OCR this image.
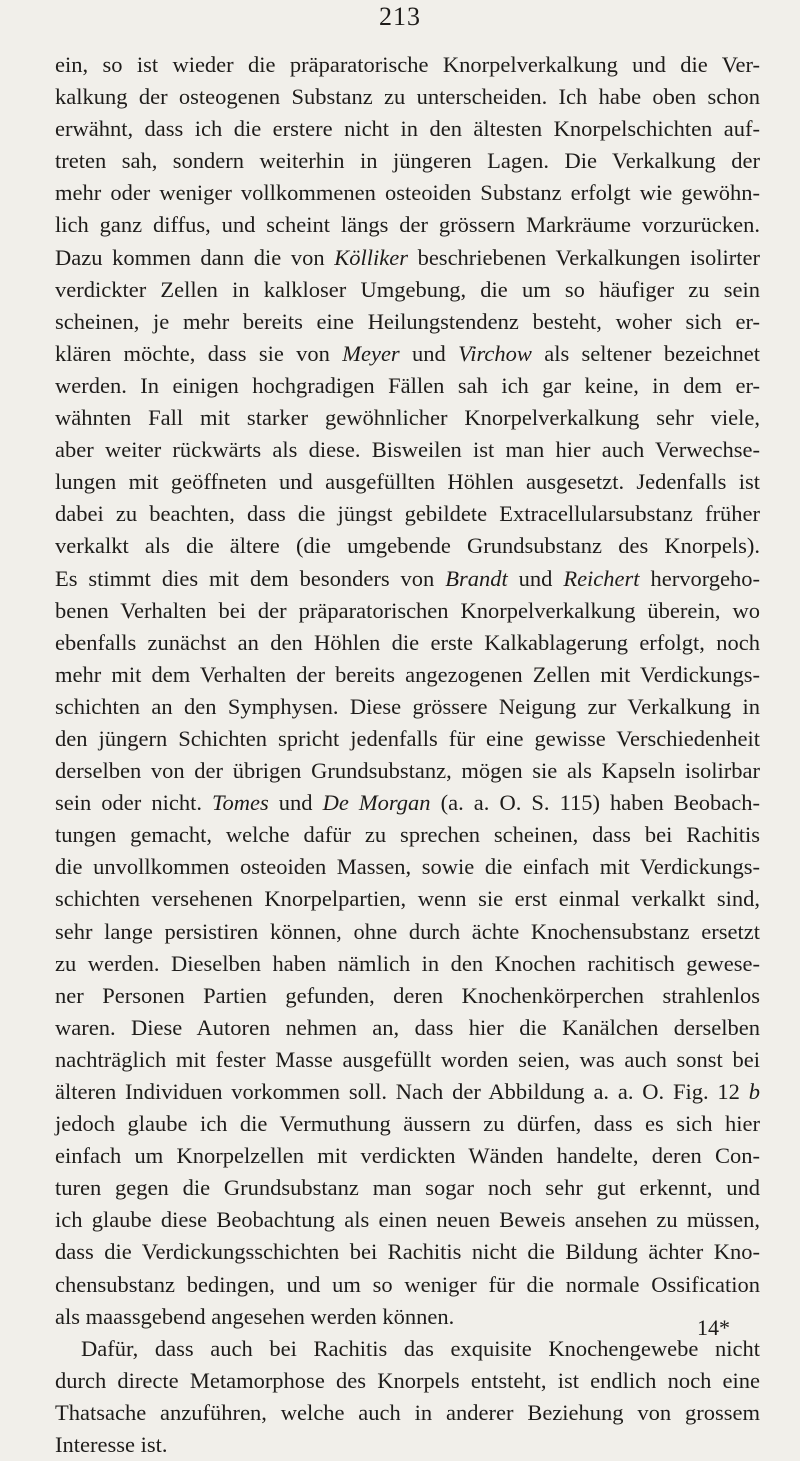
213
ein, so ist wieder die präparatorische Knorpelverkalkung und die Ver-
kalkung der osteogenen Substanz zu unterscheiden. Ich habe oben schon
erwähnt, dass ich die erstere nicht in den ältesten Knorpelschichten auf-
treten sah, sondern weiterhin in jüngeren Lagen. Die Verkalkung der
mehr oder weniger vollkommenen osteoiden Substanz erfolgt wie gewöhn-
lich ganz diffus, und scheint längs der grössern Markräume vorzurücken.
Dazu kommen dann die von Kölliker beschriebenen Verkalkungen isolirter
verdickter Zellen in kalkloser Umgebung, die um so häufiger zu sein
scheinen, je mehr bereits eine Heilungstendenz besteht, woher sich er-
klären möchte, dass sie von Meyer und Virchow als seltener bezeichnet
werden. In einigen hochgradigen Fällen sah ich gar keine, in dem er-
wähnten Fall mit starker gewöhnlicher Knorpelverkalkung sehr viele,
aber weiter rückwärts als diese. Bisweilen ist man hier auch Verwechse-
lungen mit geöffneten und ausgefüllten Höhlen ausgesetzt. Jedenfalls ist
dabei zu beachten, dass die jüngst gebildete Extracellularsubstanz früher
verkalkt als die ältere (die umgebende Grundsubstanz des Knorpels).
Es stimmt dies mit dem besonders von Brandt und Reichert hervorgeho-
benen Verhalten bei der präparatorischen Knorpelverkalkung überein, wo
ebenfalls zunächst an den Höhlen die erste Kalkablagerung erfolgt, noch
mehr mit dem Verhalten der bereits angezogenen Zellen mit Verdickungs-
schichten an den Symphysen. Diese grössere Neigung zur Verkalkung in
den jüngern Schichten spricht jedenfalls für eine gewisse Verschiedenheit
derselben von der übrigen Grundsubstanz, mögen sie als Kapseln isolirbar
sein oder nicht. Tomes und De Morgan (a. a. O. S. 115) haben Beobach-
tungen gemacht, welche dafür zu sprechen scheinen, dass bei Rachitis
die unvollkommen osteoiden Massen, sowie die einfach mit Verdickungs-
schichten versehenen Knorpelpartien, wenn sie erst einmal verkalkt sind,
sehr lange persistiren können, ohne durch ächte Knochensubstanz ersetzt
zu werden. Dieselben haben nämlich in den Knochen rachitisch gewese-
ner Personen Partien gefunden, deren Knochenkörperchen strahlenlos
waren. Diese Autoren nehmen an, dass hier die Kanälchen derselben
nachträglich mit fester Masse ausgefüllt worden seien, was auch sonst bei
älteren Individuen vorkommen soll. Nach der Abbildung a. a. O. Fig. 12 b
jedoch glaube ich die Vermuthung äussern zu dürfen, dass es sich hier
einfach um Knorpelzellen mit verdickten Wänden handelte, deren Con-
turen gegen die Grundsubstanz man sogar noch sehr gut erkennt, und
ich glaube diese Beobachtung als einen neuen Beweis ansehen zu müssen,
dass die Verdickungsschichten bei Rachitis nicht die Bildung ächter Kno-
chensubstanz bedingen, und um so weniger für die normale Ossification
als maassgebend angesehen werden können.
Dafür, dass auch bei Rachitis das exquisite Knochengewebe nicht
durch directe Metamorphose des Knorpels entsteht, ist endlich noch eine
Thatsache anzuführen, welche auch in anderer Beziehung von grossem
Interesse ist.
14*
